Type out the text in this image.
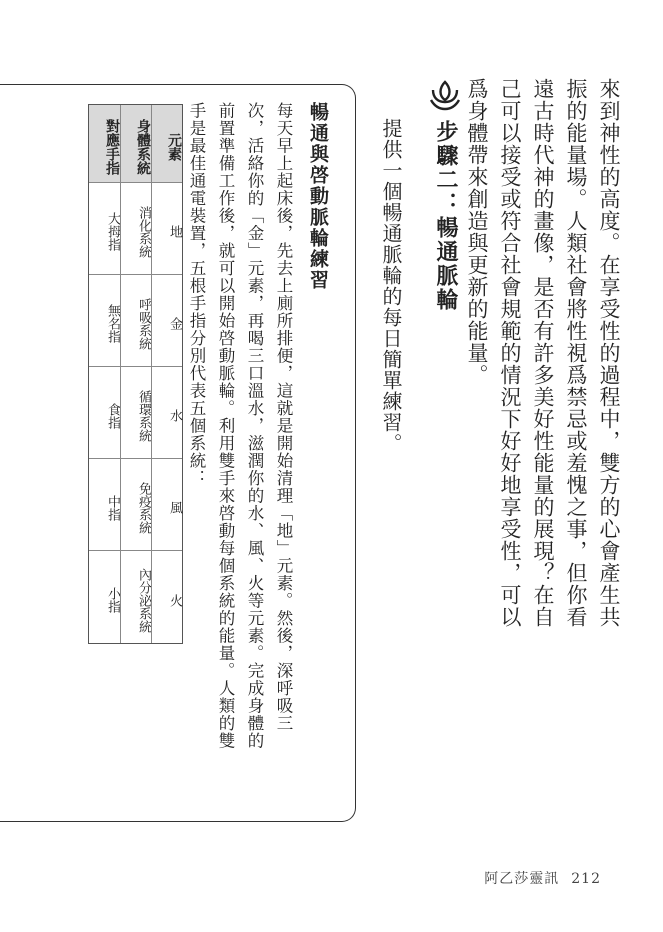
來到神性的高度。在享受性的過程中，雙方的心會產生共振的能量場。人類社會將性視爲禁忌或羞愧之事，但你看遠古時代神的畫像，是否有許多美好性能量的展現？在自己可以接受或符合社會規範的情況下好好地享受性，可以爲身體帶來創造與更新的能量。
步驟二：暢通脈輪
提供一個暢通脈輪的每日簡單練習。
暢通與啓動脈輪練習
每天早上起床後，先去上廁所排便，這就是開始清理「地」元素。然後，深呼吸三次，活絡你的「金」元素，再喝三口溫水，滋潤你的水、風、火等元素。完成身體的前置準備工作後，就可以開始啓動脈輪。利用雙手來啓動每個系統的能量。人類的雙手是最佳通電裝置，五根手指分別代表五個系統：
元素
地
金
水
風
火
身體系統
消化系統
呼吸系統
循環系統
免疫系統
內分泌系統
對應手指
大拇指
無名指
食指
中指
小指
阿乙莎靈訊 212
